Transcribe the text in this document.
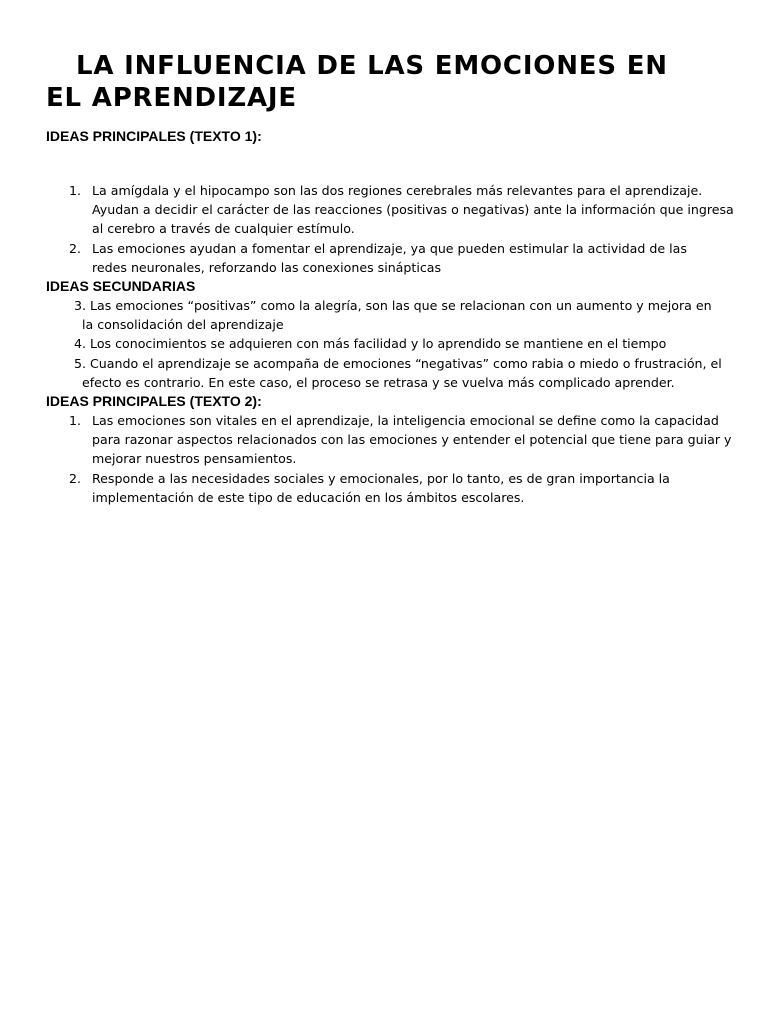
LA INFLUENCIA DE LAS EMOCIONES EN
EL APRENDIZAJE
IDEAS PRINCIPALES (TEXTO 1):
1. La amígdala y el hipocampo son las dos regiones cerebrales más relevantes para el aprendizaje. Ayudan a decidir el carácter de las reacciones (positivas o negativas) ante la información que ingresa al cerebro a través de cualquier estímulo.
2. Las emociones ayudan a fomentar el aprendizaje, ya que pueden estimular la actividad de las redes neuronales, reforzando las conexiones sinápticas
IDEAS SECUNDARIAS
3. Las emociones “positivas” como la alegría, son las que se relacionan con un aumento y mejora en
la consolidación del aprendizaje
4. Los conocimientos se adquieren con más facilidad y lo aprendido se mantiene en el tiempo
5. Cuando el aprendizaje se acompaña de emociones “negativas” como rabia o miedo o frustración, el
efecto es contrario. En este caso, el proceso se retrasa y se vuelva más complicado aprender.
IDEAS PRINCIPALES (TEXTO 2):
1. Las emociones son vitales en el aprendizaje, la inteligencia emocional se define como la capacidad para razonar aspectos relacionados con las emociones y entender el potencial que tiene para guiar y mejorar nuestros pensamientos.
2. Responde a las necesidades sociales y emocionales, por lo tanto, es de gran importancia la implementación de este tipo de educación en los ámbitos escolares.
